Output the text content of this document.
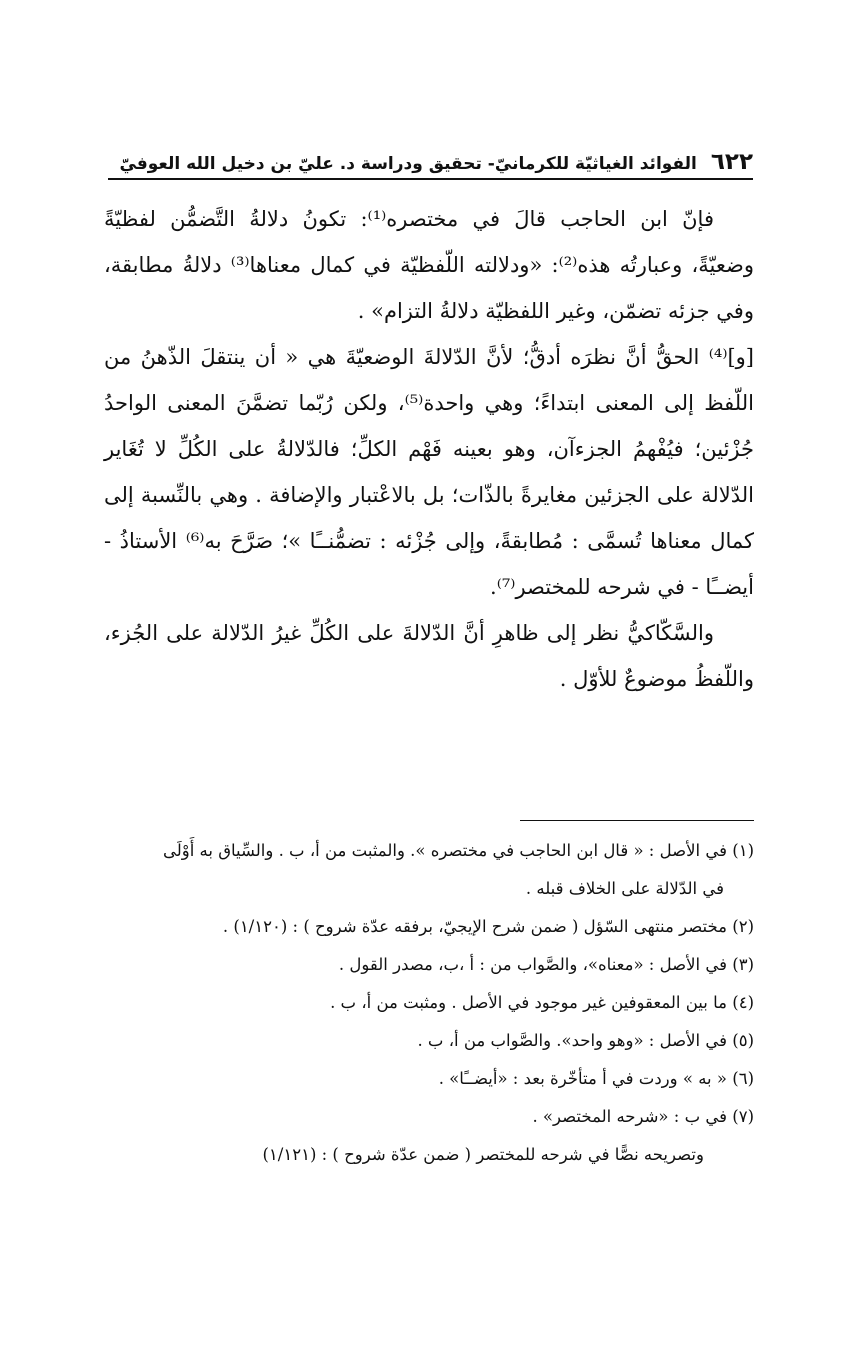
٦٢٢
الفوائد الغياثيّة للكرمانيّ- تحقيق ودراسة د. عليّ بن دخيل الله العوفيّ

فإنّ ابن الحاجب قالَ في مختصره⁽¹⁾: تكونُ دلالةُ التَّضمُّن لفظيّةً وضعيّةً، وعبارتُه هذه⁽²⁾: «ودلالته اللّفظيّة في كمال معناها⁽³⁾ دلالةُ مطابقة، وفي جزئه تضمّن، وغير اللفظيّة دلالةُ التزام» .

[و]⁽⁴⁾ الحقُّ أنَّ نظرَه أدقُّ؛ لأنَّ الدّلالةَ الوضعيّةَ هي « أن ينتقلَ الذّهنُ من اللّفظ إلى المعنى ابتداءً؛ وهي واحدة⁽⁵⁾، ولكن رُبّما تضمَّنَ المعنى الواحدُ جُزْئين؛ فيُفْهمُ الجزءآن، وهو بعينه فَهْم الكلِّ؛ فالدّلالةُ على الكُلِّ لا تُغَاير الدّلالة على الجزئين مغايرةً بالذّات؛ بل بالاعْتبار والإضافة . وهي بالنِّسبة إلى كمال معناها تُسمَّى : مُطابقةً، وإلى جُزْئه : تضمُّنــًا »؛ صَرَّحَ به⁽⁶⁾ الأستاذُ - أيضــًا - في شرحه للمختصر⁽⁷⁾.

والسَّكّاكيُّ نظر إلى ظاهرِ أنَّ الدّلالةَ على الكُلِّ غيرُ الدّلالة على الجُزء، واللّفظُ موضوعٌ للأوّل .

(١) في الأصل : « قال ابن الحاجب في مختصره ». والمثبت من أ، ب . والسِّياق به أَوْلَى

في الدّلالة على الخلاف قبله .

(٢) مختصر منتهى السّؤل ( ضمن شرح الإيجيّ، برفقه عدّة شروح ) : (١/١٢٠) .

(٣) في الأصل : «معناه»، والصَّواب من : أ ،ب، مصدر القول .

(٤) ما بين المعقوفين غير موجود في الأصل . ومثبت من أ، ب .

(٥) في الأصل : «وهو واحد». والصَّواب من أ، ب .

(٦) « به » وردت في أ متأخّرة بعد : «أيضــًا» .

(٧) في ب : «شرحه المختصر» .

وتصريحه نصًّا في شرحه للمختصر ( ضمن عدّة شروح ) : (١/١٢١)
